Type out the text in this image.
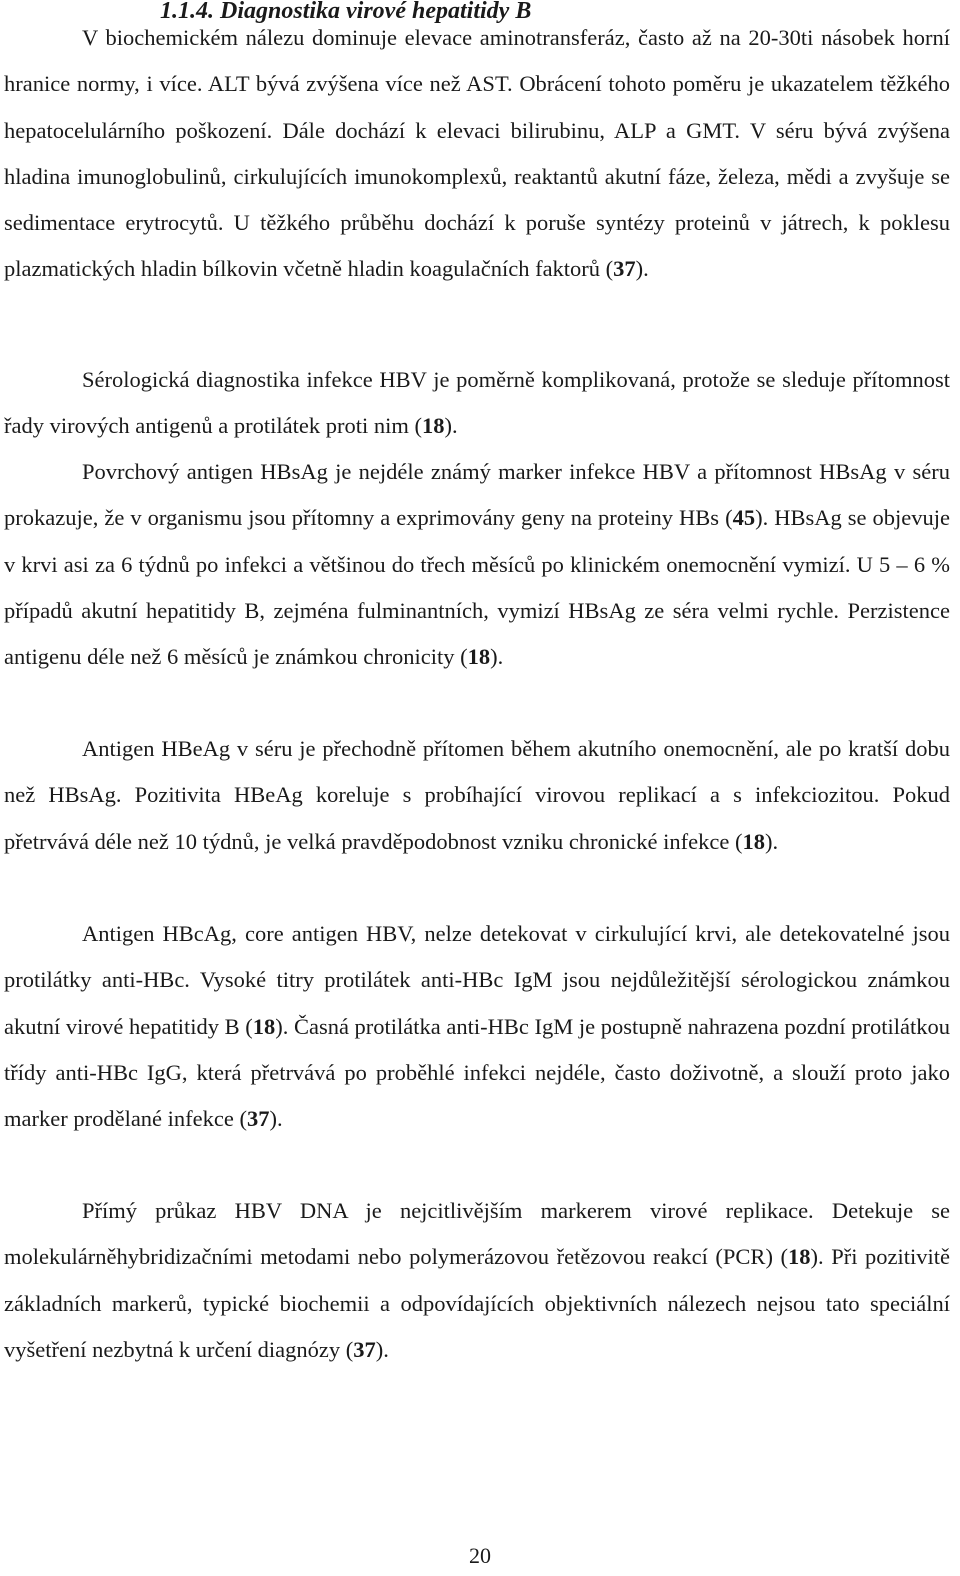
1.1.4. Diagnostika virové hepatitidy B

V biochemickém nálezu dominuje elevace aminotransferáz, často až na 20-30ti násobek horní hranice normy, i více. ALT bývá zvýšena více než AST. Obrácení tohoto poměru je ukazatelem těžkého hepatocelulárního poškození. Dále dochází k elevaci bilirubinu, ALP a GMT. V séru bývá zvýšena hladina imunoglobulinů, cirkulujících imunokomplexů, reaktantů akutní fáze, železa, mědi a zvyšuje se sedimentace erytrocytů. U těžkého průběhu dochází k poruše syntézy proteinů v játrech, k poklesu plazmatických hladin bílkovin včetně hladin koagulačních faktorů (37).

Sérologická diagnostika infekce HBV je poměrně komplikovaná, protože se sleduje přítomnost řady virových antigenů a protilátek proti nim (18).

Povrchový antigen HBsAg je nejdéle známý marker infekce HBV a přítomnost HBsAg v séru prokazuje, že v organismu jsou přítomny a exprimovány geny na proteiny HBs (45). HBsAg se objevuje v krvi asi za 6 týdnů po infekci a většinou do třech měsíců po klinickém onemocnění vymizí. U 5 – 6 % případů akutní hepatitidy B, zejména fulminantních, vymizí HBsAg ze séra velmi rychle. Perzistence antigenu déle než 6 měsíců je známkou chronicity (18).

Antigen HBeAg v séru je přechodně přítomen během akutního onemocnění, ale po kratší dobu než HBsAg. Pozitivita HBeAg koreluje s probíhající virovou replikací a s infekciozitou. Pokud přetrvává déle než 10 týdnů, je velká pravděpodobnost vzniku chronické infekce (18).

Antigen HBcAg, core antigen HBV, nelze detekovat v cirkulující krvi, ale detekovatelné jsou protilátky anti-HBc. Vysoké titry protilátek anti-HBc IgM jsou nejdůležitější sérologickou známkou akutní virové hepatitidy B (18). Časná protilátka anti-HBc IgM je postupně nahrazena pozdní protilátkou třídy anti-HBc IgG, která přetrvává po proběhlé infekci nejdéle, často doživotně, a slouží proto jako marker prodělané infekce (37).

Přímý průkaz HBV DNA je nejcitlivějším markerem virové replikace. Detekuje se molekulárněhybridizačními metodami nebo polymerázovou řetězovou reakcí (PCR) (18). Při pozitivitě základních markerů, typické biochemii a odpovídajících objektivních nálezech nejsou tato speciální vyšetření nezbytná k určení diagnózy (37).

20
